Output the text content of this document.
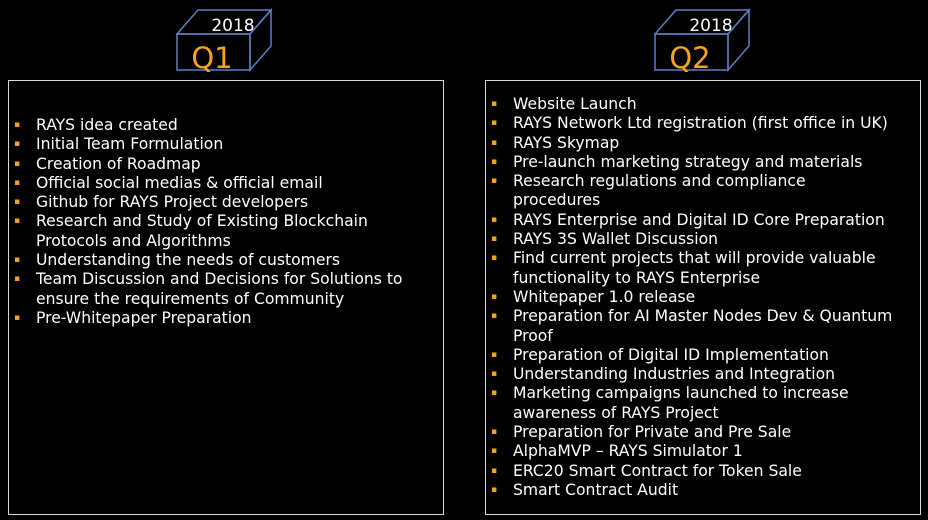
2018
Q1
2018
Q2
▪ RAYS idea created
▪ Initial Team Formulation
▪ Creation of Roadmap
▪ Official social medias & official email
▪ Github for RAYS Project developers
▪ Research and Study of Existing Blockchain
Protocols and Algorithms
▪ Understanding the needs of customers
▪ Team Discussion and Decisions for Solutions to
ensure the requirements of Community
▪ Pre-Whitepaper Preparation
▪ Website Launch
▪ RAYS Network Ltd registration (first office in UK)
▪ RAYS Skymap
▪ Pre-launch marketing strategy and materials
▪ Research regulations and compliance
procedures
▪ RAYS Enterprise and Digital ID Core Preparation
▪ RAYS 3S Wallet Discussion
▪ Find current projects that will provide valuable
functionality to RAYS Enterprise
▪ Whitepaper 1.0 release
▪ Preparation for AI Master Nodes Dev & Quantum
Proof
▪ Preparation of Digital ID Implementation
▪ Understanding Industries and Integration
▪ Marketing campaigns launched to increase
awareness of RAYS Project
▪ Preparation for Private and Pre Sale
▪ AlphaMVP – RAYS Simulator 1
▪ ERC20 Smart Contract for Token Sale
▪ Smart Contract Audit
